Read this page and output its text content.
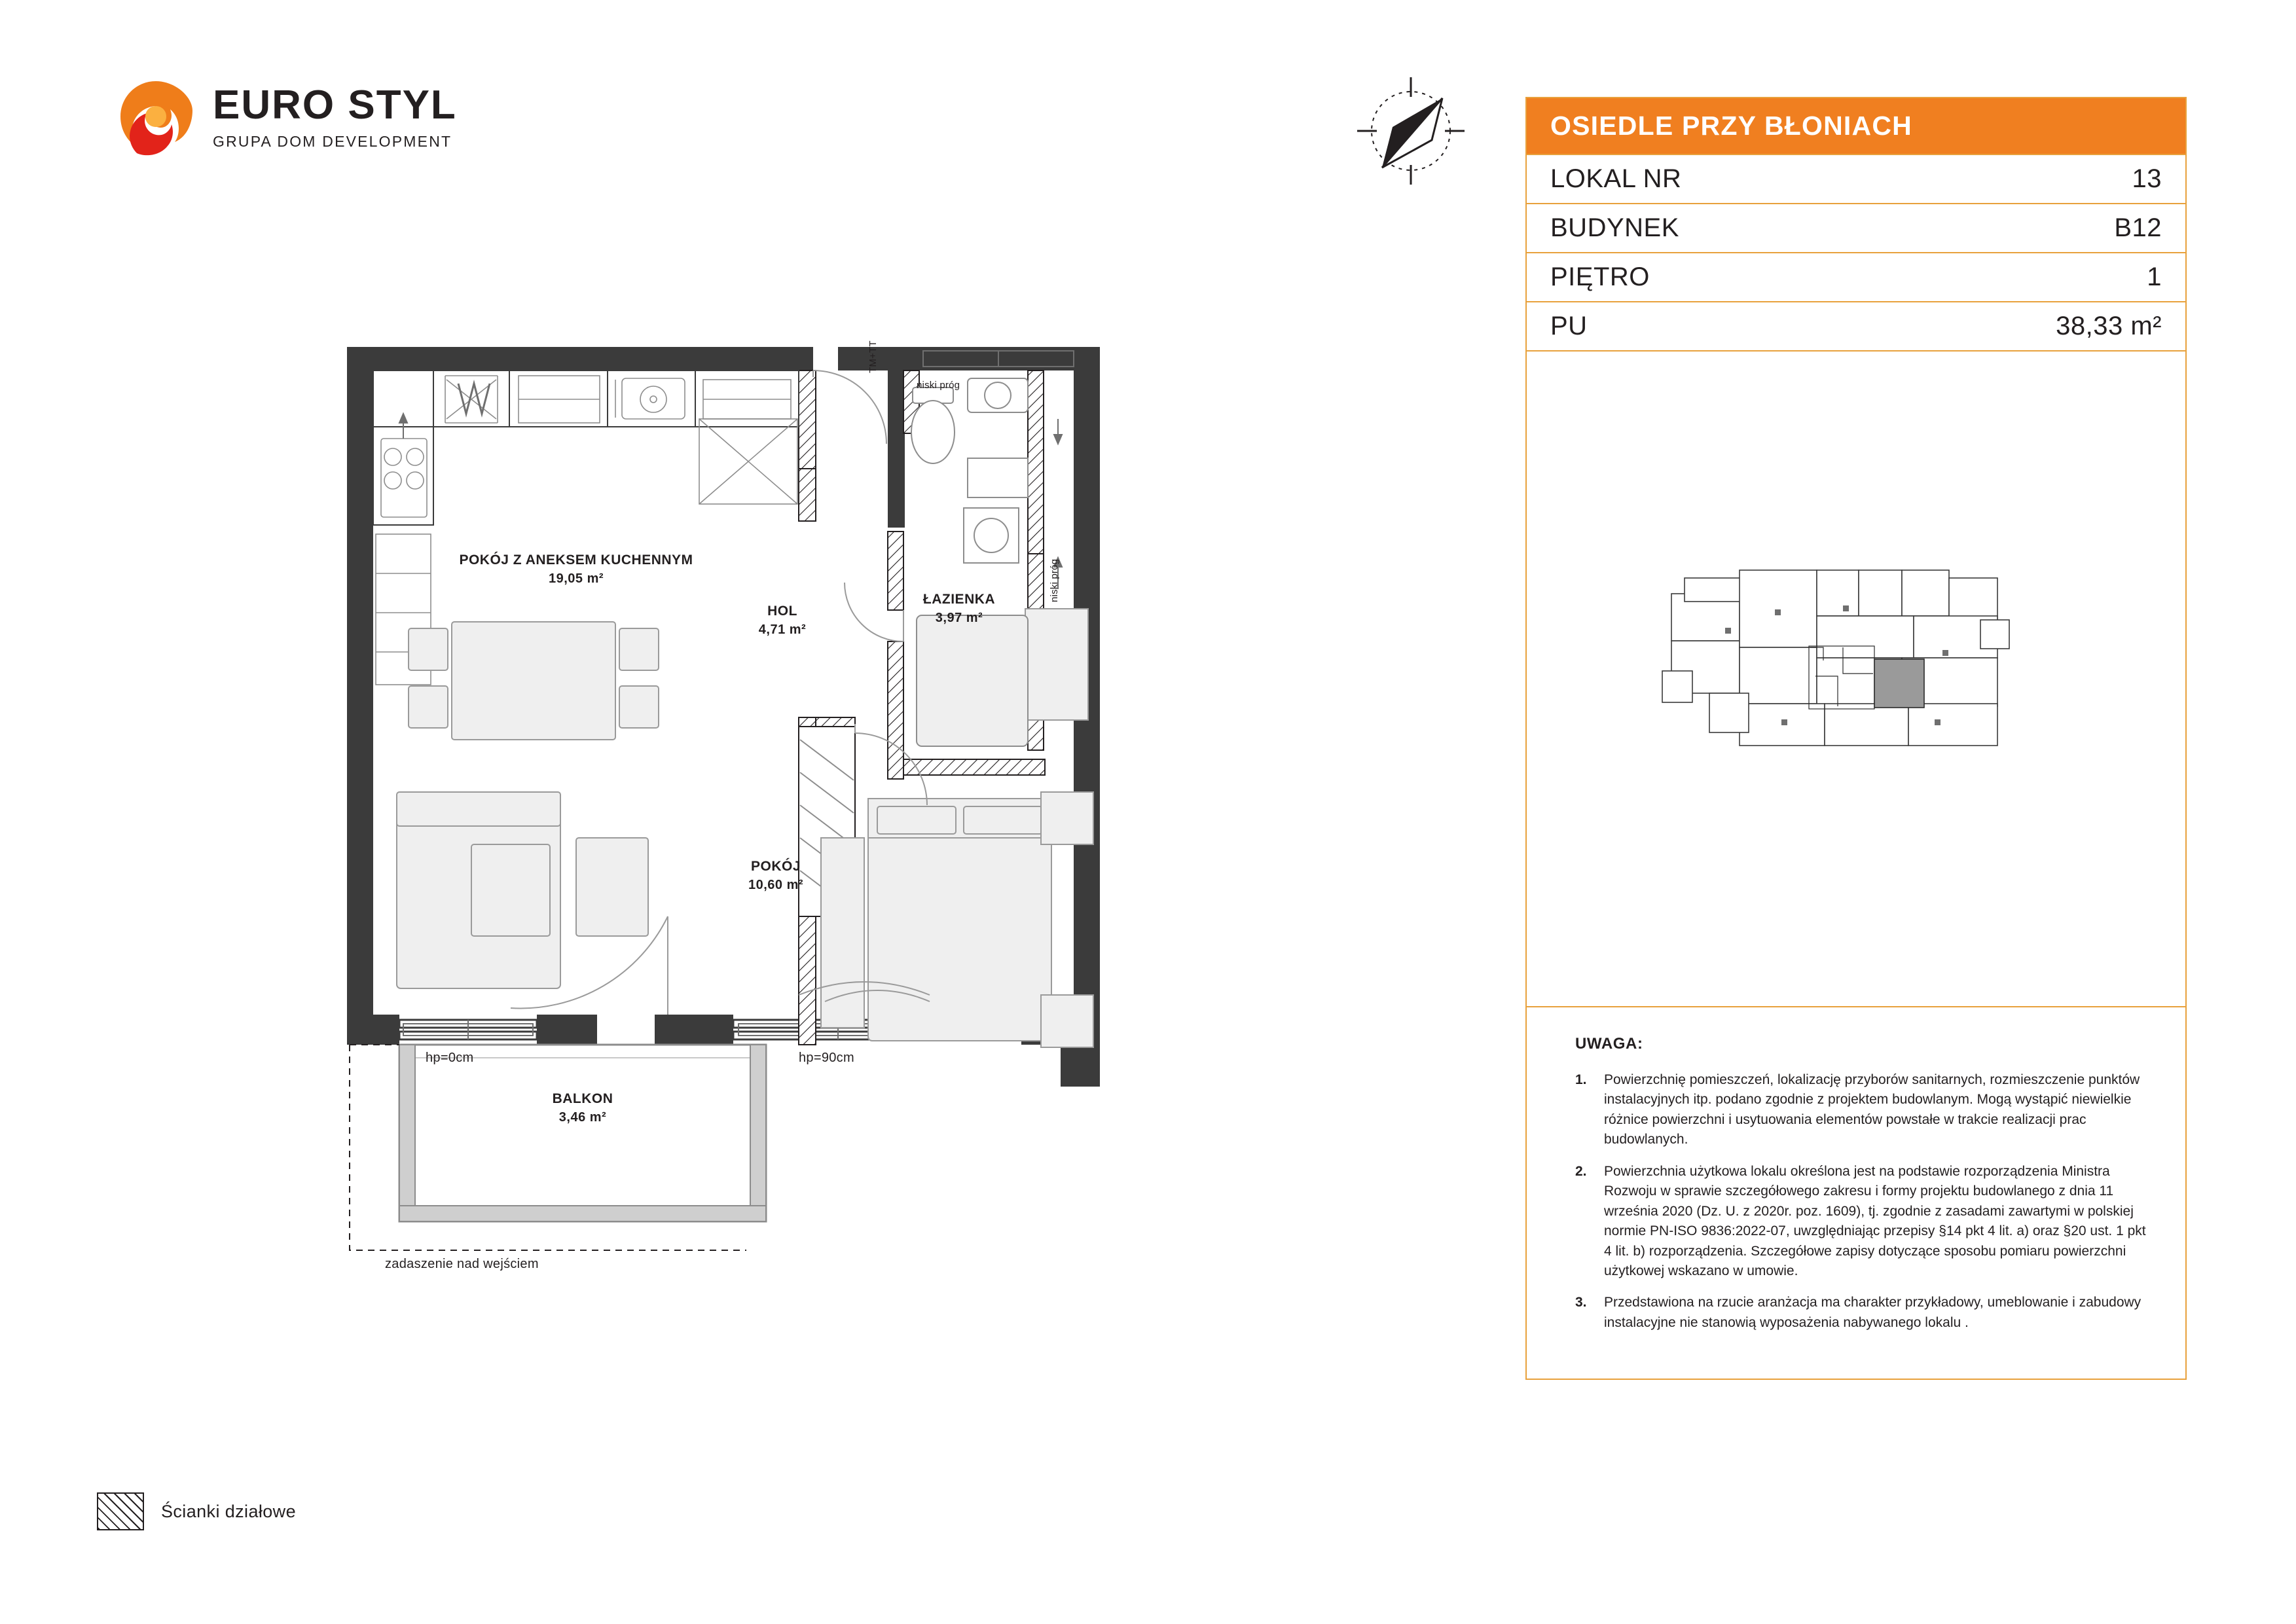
EURO STYL
GRUPA DOM DEVELOPMENT
OSIEDLE PRZY BŁONIACH
LOKAL NR	13
BUDYNEK	B12
PIĘTRO	1
PU	38,33 m²
UWAGA:
1.	Powierzchnię pomieszczeń, lokalizację przyborów sanitarnych, rozmieszczenie punktów instalacyjnych itp. podano zgodnie z projektem budowlanym. Mogą wystąpić niewielkie różnice powierzchni i usytuowania elementów powstałe w trakcie realizacji prac budowlanych.
2.	Powierzchnia użytkowa lokalu określona jest na podstawie rozporządzenia Ministra Rozwoju w sprawie szczegółowego zakresu i formy projektu budowlanego z dnia 11 września 2020 (Dz. U. z 2020r. poz. 1609), tj. zgodnie z zasadami zawartymi w polskiej normie PN-ISO 9836:2022-07, uwzględniając przepisy §14 pkt 4 lit. a) oraz §20 ust. 1 pkt 4 lit. b) rozporządzenia. Szczegółowe zapisy dotyczące sposobu pomiaru powierzchni użytkowej wskazano w umowie.
3.	Przedstawiona na rzucie aranżacja ma charakter przykładowy, umeblowanie i zabudowy instalacyjne nie stanowią wyposażenia nabywanego lokalu .
Ścianki działowe
POKÓJ Z ANEKSEM KUCHENNYM
19,05 m²
HOL
4,71 m²
ŁAZIENKA
3,97 m²
POKÓJ
10,60 m²
BALKON
3,46 m²
TM+TT
niski próg
niski próg
hp=0cm	hp=90cm
zadaszenie nad wejściem
